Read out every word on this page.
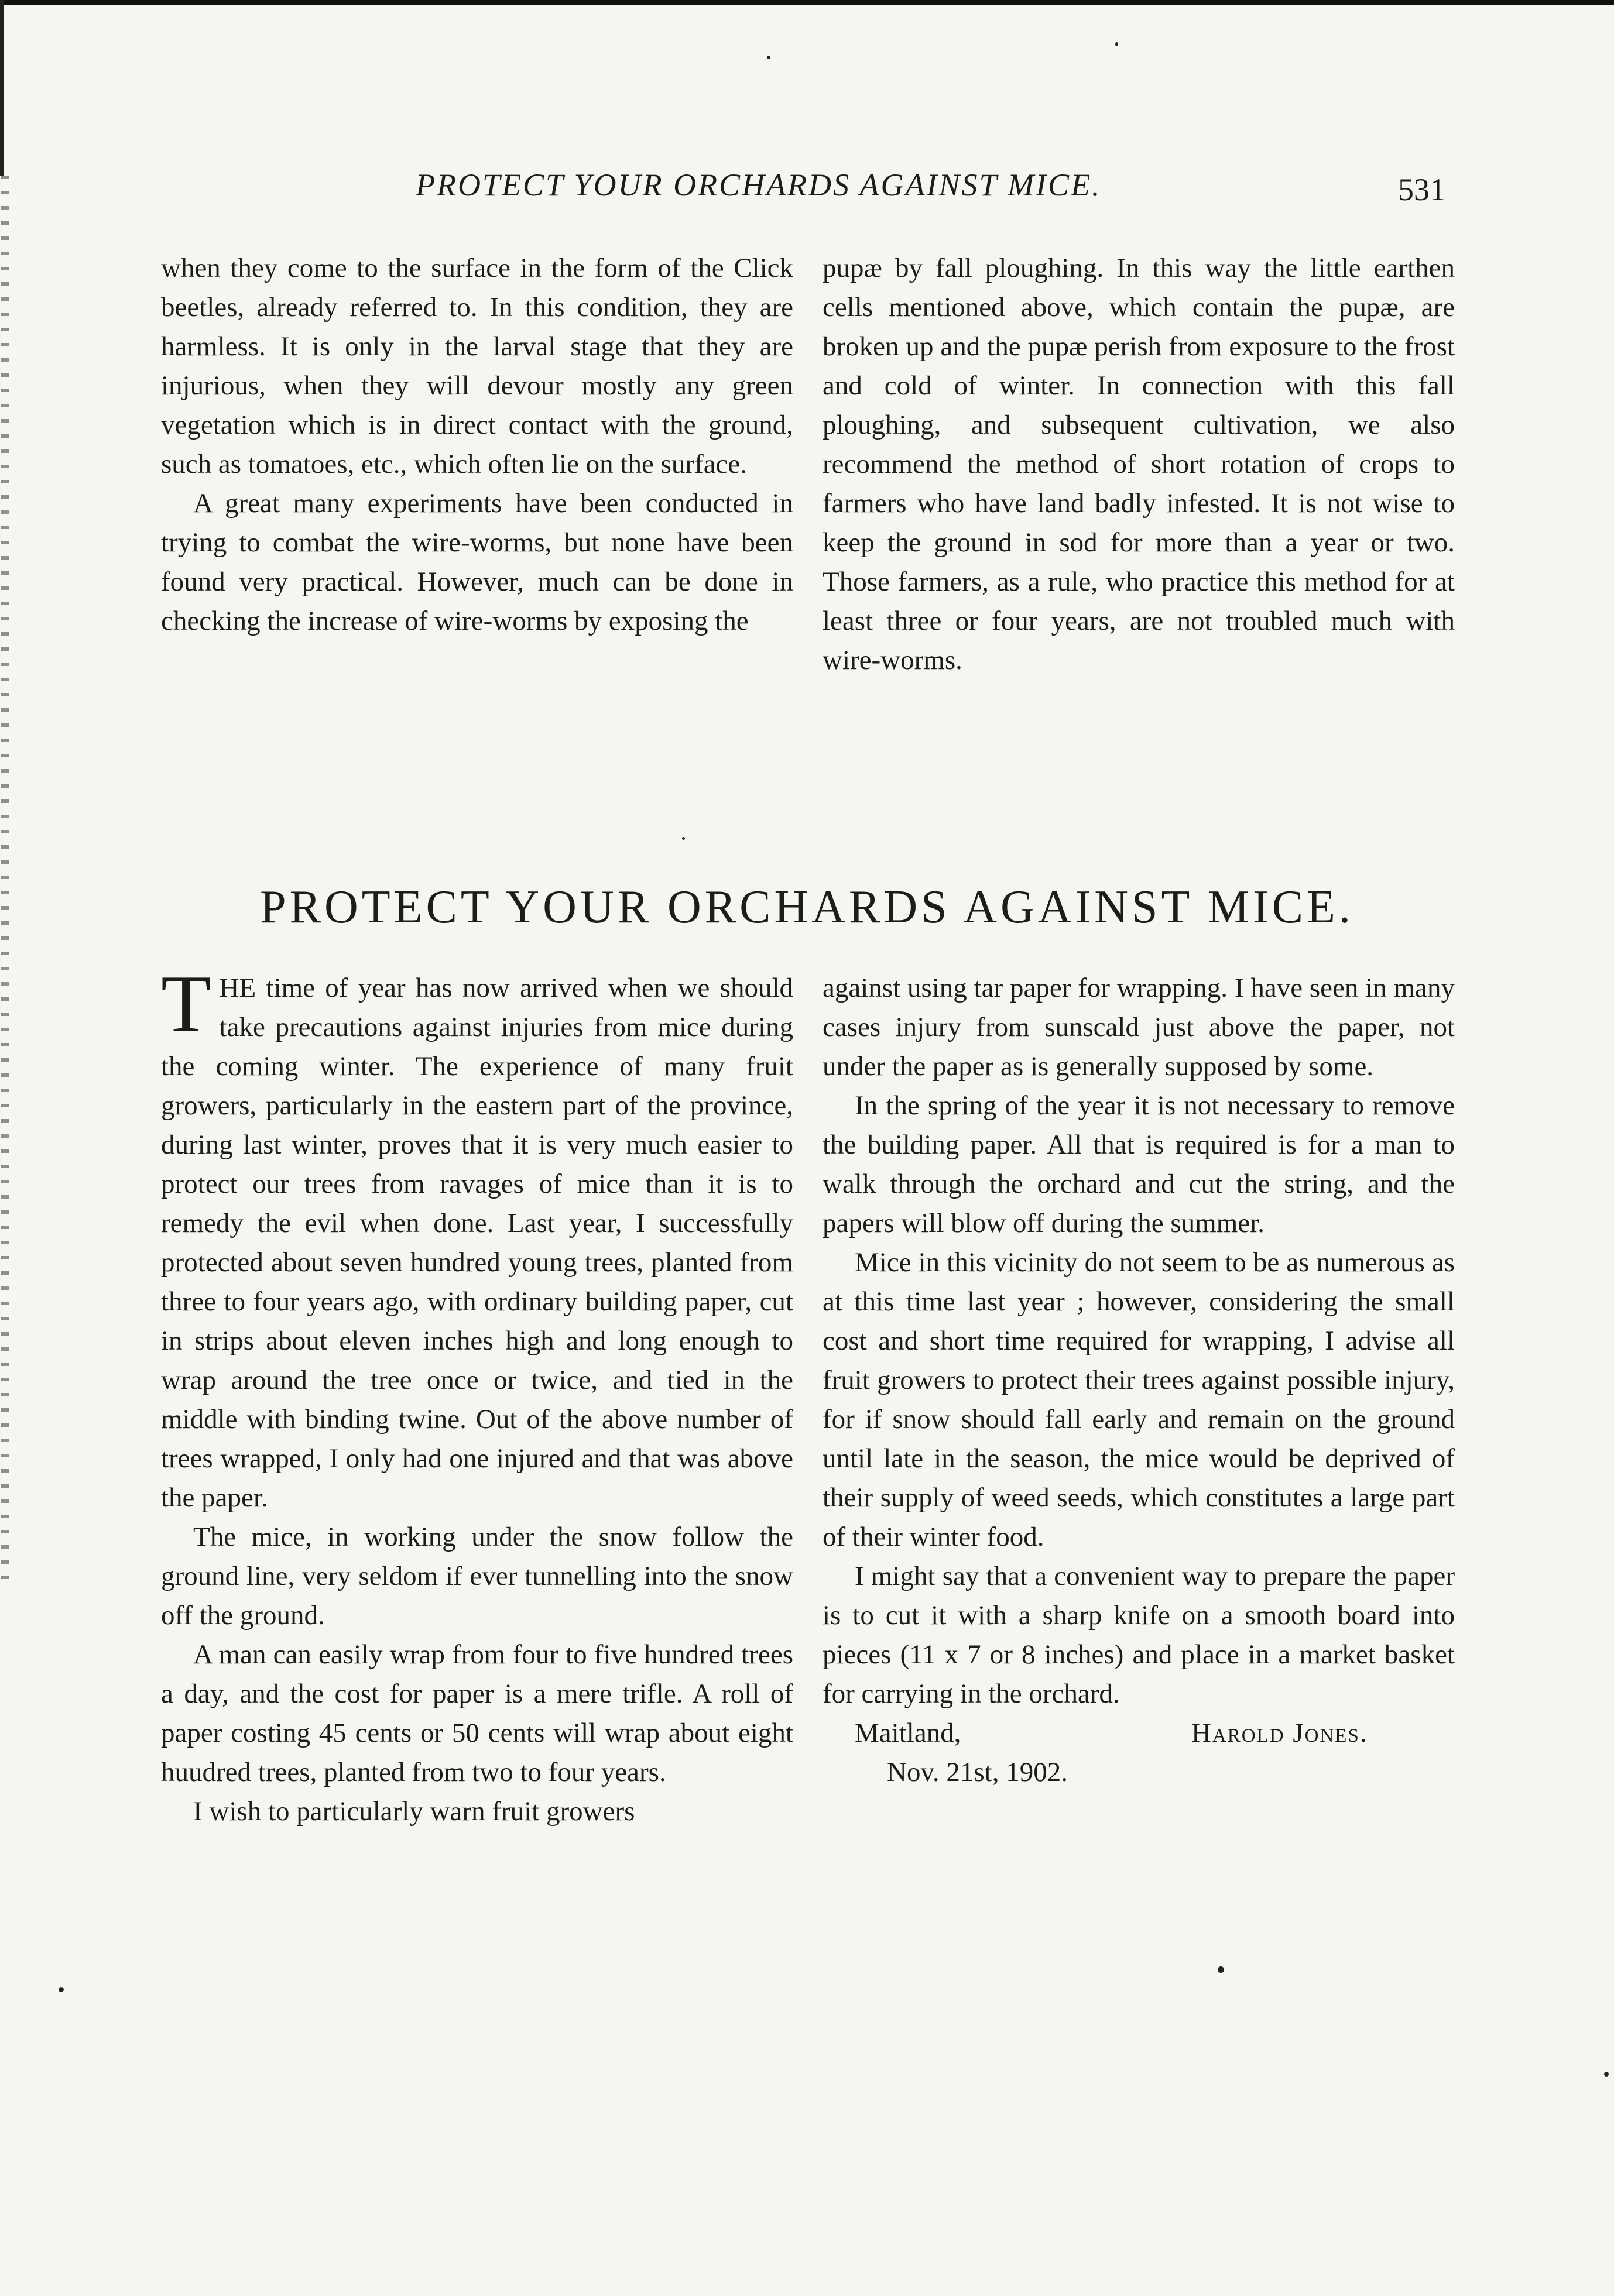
PROTECT YOUR ORCHARDS AGAINST MICE.	531

when they come to the surface in the form of the Click beetles, already referred to. In this condition, they are harmless. It is only in the larval stage that they are injurious, when they will devour mostly any green vegetation which is in direct contact with the ground, such as tomatoes, etc., which often lie on the surface.

A great many experiments have been conducted in trying to combat the wire-worms, but none have been found very practical. However, much can be done in checking the increase of wire-worms by exposing the

pupæ by fall ploughing. In this way the little earthen cells mentioned above, which contain the pupæ, are broken up and the pupæ perish from exposure to the frost and cold of winter. In connection with this fall ploughing, and subsequent cultivation, we also recommend the method of short rotation of crops to farmers who have land badly infested. It is not wise to keep the ground in sod for more than a year or two. Those farmers, as a rule, who practice this method for at least three or four years, are not troubled much with wire-worms.

PROTECT YOUR ORCHARDS AGAINST MICE.

THE time of year has now arrived when we should take precautions against injuries from mice during the coming winter. The experience of many fruit growers, particularly in the eastern part of the province, during last winter, proves that it is very much easier to protect our trees from ravages of mice than it is to remedy the evil when done. Last year, I successfully protected about seven hundred young trees, planted from three to four years ago, with ordinary building paper, cut in strips about eleven inches high and long enough to wrap around the tree once or twice, and tied in the middle with binding twine. Out of the above number of trees wrapped, I only had one injured and that was above the paper.

The mice, in working under the snow follow the ground line, very seldom if ever tunnelling into the snow off the ground.

A man can easily wrap from four to five hundred trees a day, and the cost for paper is a mere trifle. A roll of paper costing 45 cents or 50 cents will wrap about eight huudred trees, planted from two to four years.

I wish to particularly warn fruit growers

against using tar paper for wrapping. I have seen in many cases injury from sunscald just above the paper, not under the paper as is generally supposed by some.

In the spring of the year it is not necessary to remove the building paper. All that is required is for a man to walk through the orchard and cut the string, and the papers will blow off during the summer.

Mice in this vicinity do not seem to be as numerous as at this time last year ; however, considering the small cost and short time required for wrapping, I advise all fruit growers to protect their trees against possible injury, for if snow should fall early and remain on the ground until late in the season, the mice would be deprived of their supply of weed seeds, which constitutes a large part of their winter food.

I might say that a convenient way to prepare the paper is to cut it with a sharp knife on a smooth board into pieces (11 x 7 or 8 inches) and place in a market basket for carrying in the orchard.

Maitland,	Harold Jones.
Nov. 21st, 1902.
